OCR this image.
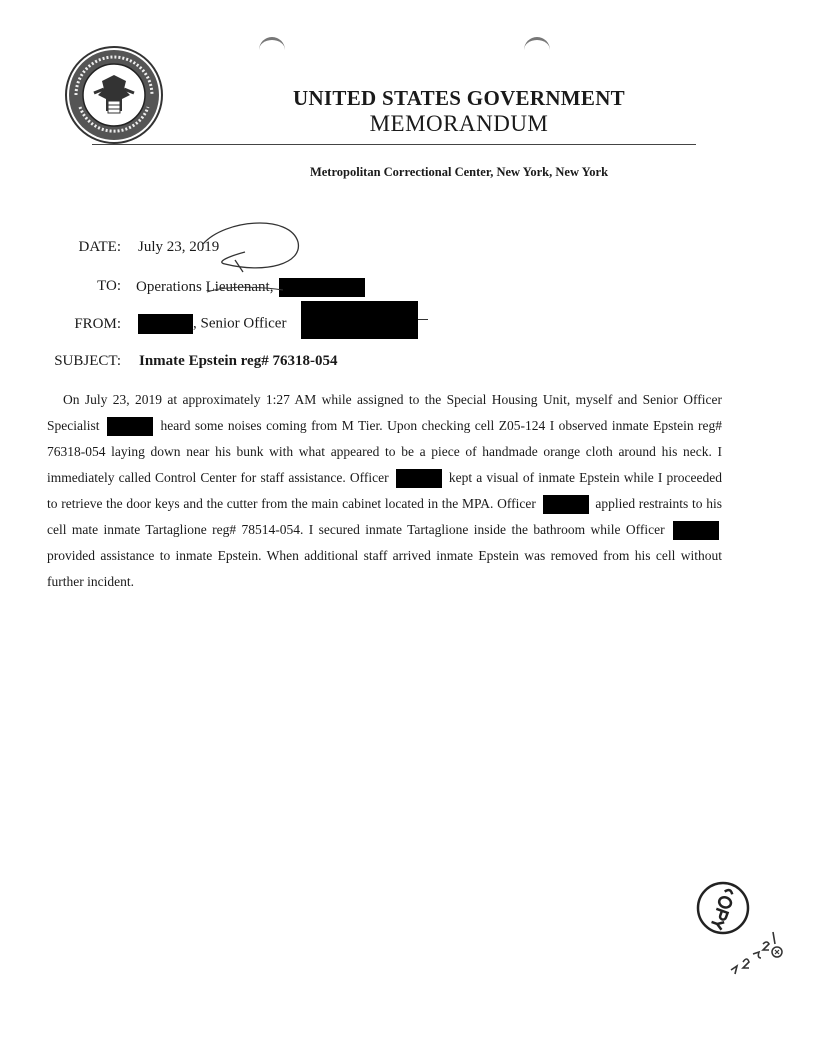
UNITED STATES GOVERNMENT
MEMORANDUM
Metropolitan Correctional Center, New York, New York
DATE: July 23, 2019
TO: Operations Lieutenant,
FROM:	, Senior Officer
SUBJECT: Inmate Epstein reg# 76318-054
On July 23, 2019 at approximately 1:27 AM while assigned to the Special Housing Unit, myself and Senior Officer Specialist	heard some noises coming from M Tier. Upon checking cell Z05-124 I observed inmate Epstein reg# 76318-054 laying down near his bunk with what appeared to be a piece of handmade orange cloth around his neck. I immediately called Control Center for staff assistance. Officer	kept a visual of inmate Epstein while I proceeded to retrieve the door keys and the cutter from the main cabinet located in the MPA. Officer	applied restraints to his cell mate inmate Tartaglione reg# 78514-054. I secured inmate Tartaglione inside the bathroom while Officer  provided assistance to inmate Epstein. When additional staff arrived inmate Epstein was removed from his cell without further incident.
